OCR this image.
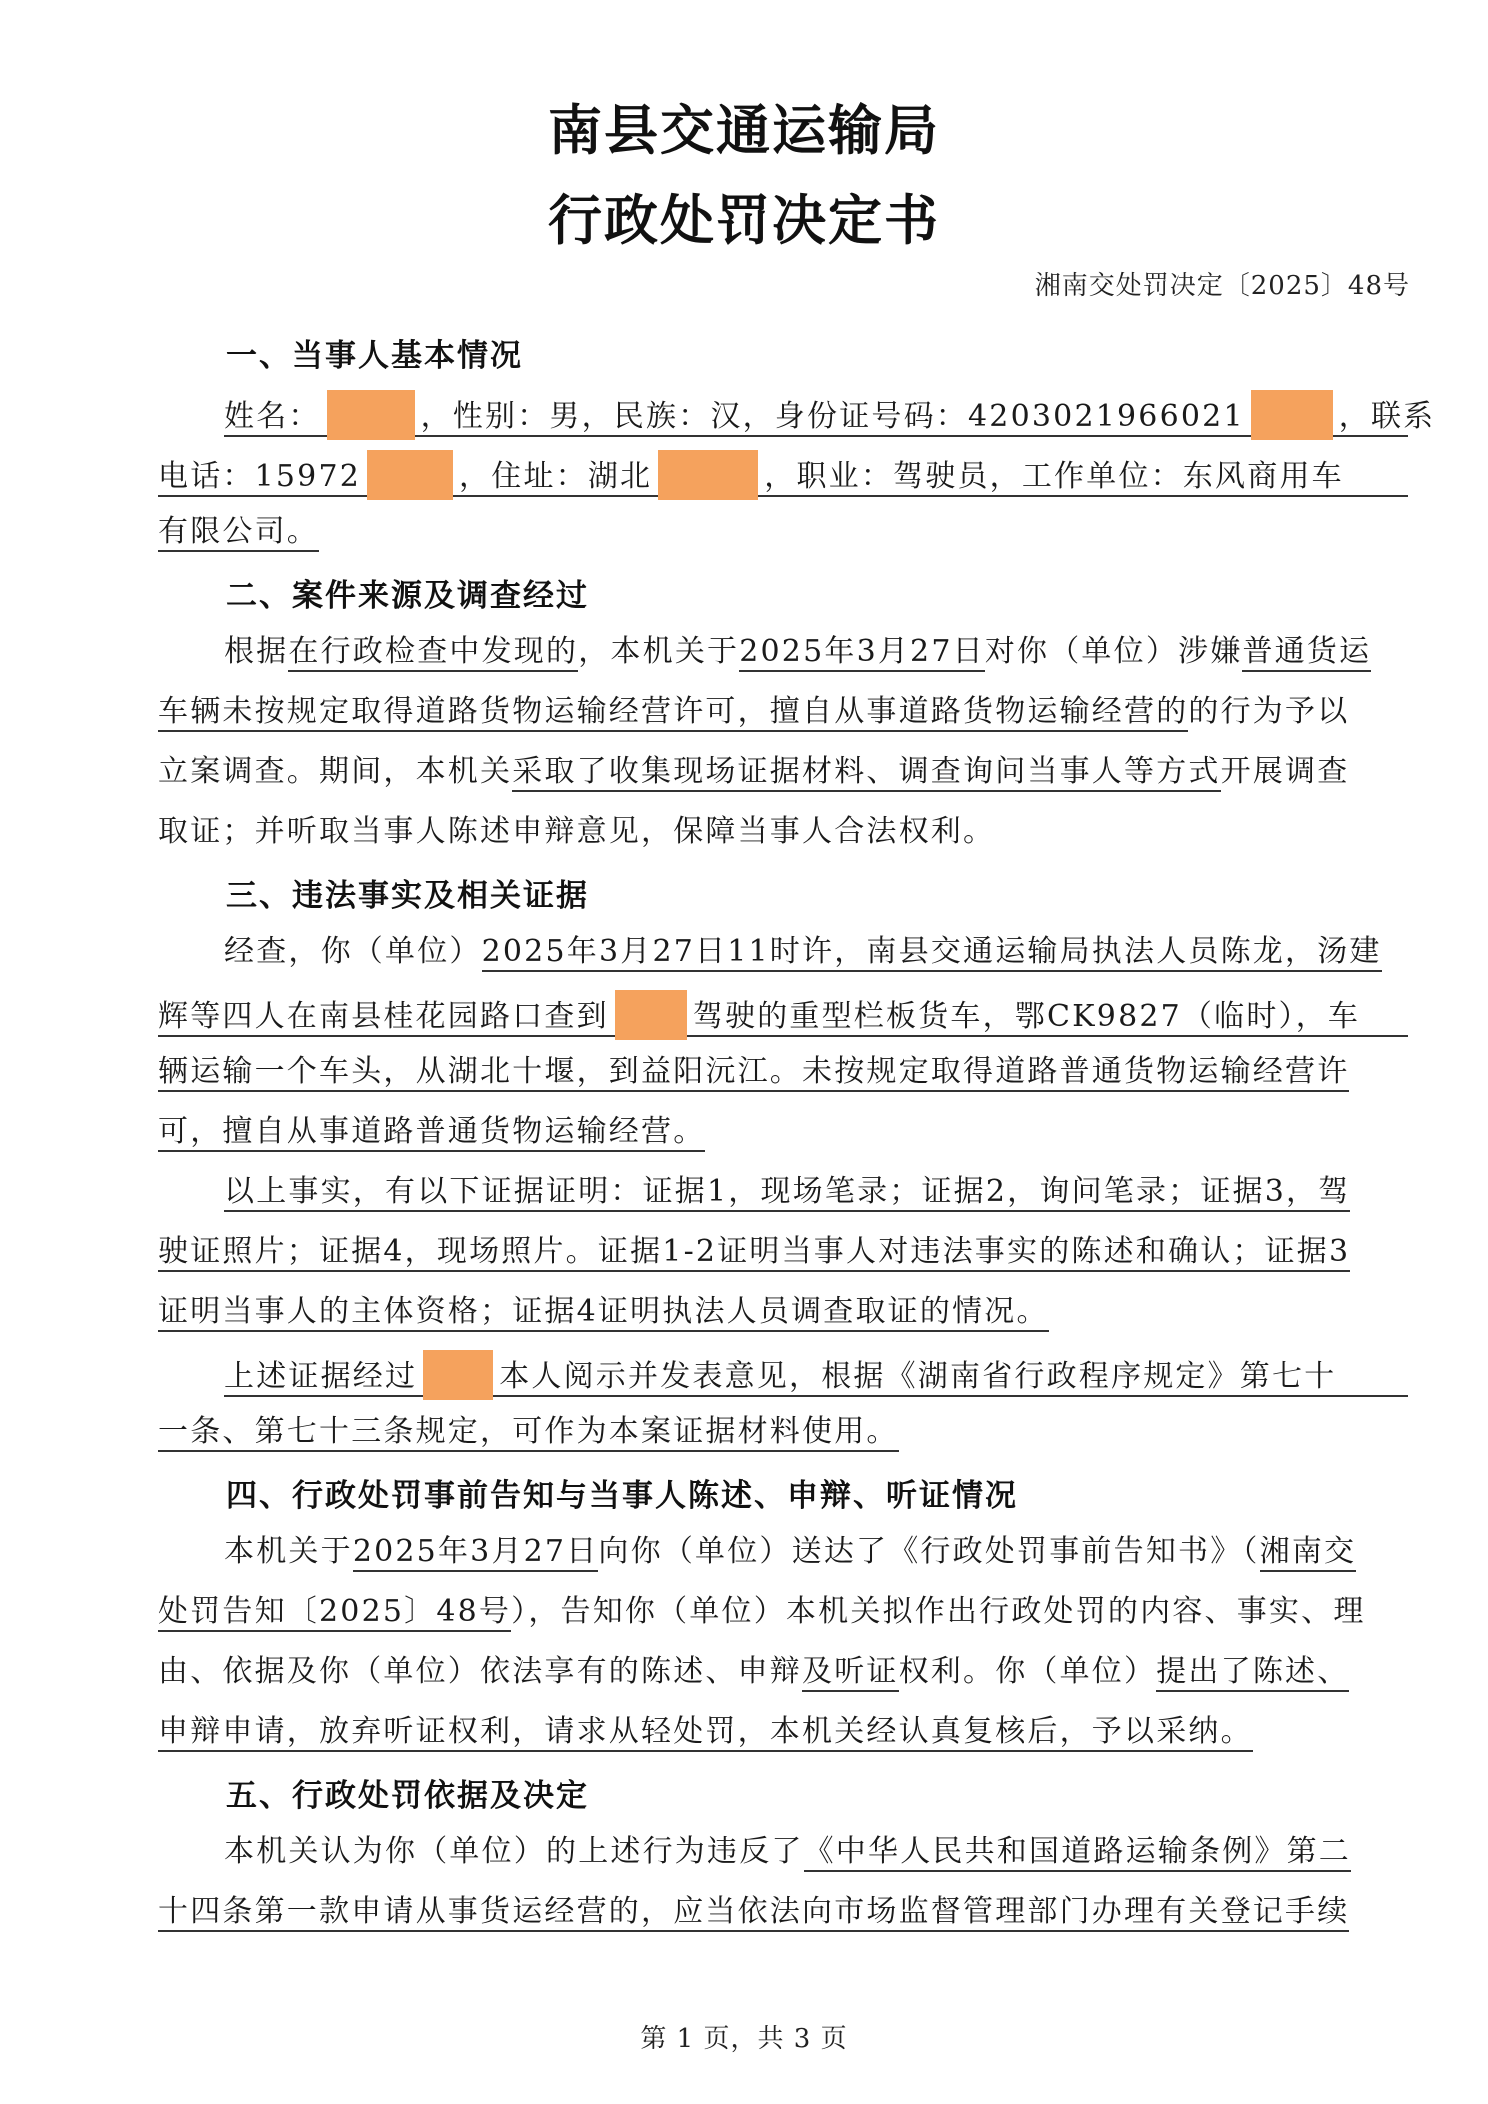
南县交通运输局
行政处罚决定书
湘南交处罚决定〔2025〕48号
一、当事人基本情况
姓名：	，性别：男，民族：汉，身份证号码：4203021966021	，联系
电话：15972	，住址：湖北	，职业：驾驶员，工作单位：东风商用车
有限公司。
二、案件来源及调查经过
根据在行政检查中发现的，本机关于2025年3月27日对你（单位）涉嫌普通货运
车辆未按规定取得道路货物运输经营许可，擅自从事道路货物运输经营的的行为予以
立案调查。期间，本机关采取了收集现场证据材料、调查询问当事人等方式开展调查
取证；并听取当事人陈述申辩意见，保障当事人合法权利。
三、违法事实及相关证据
经查，你（单位）2025年3月27日11时许，南县交通运输局执法人员陈龙，汤建
辉等四人在南县桂花园路口查到	驾驶的重型栏板货车，鄂CK9827（临时），车
辆运输一个车头，从湖北十堰，到益阳沅江。未按规定取得道路普通货物运输经营许
可，擅自从事道路普通货物运输经营。
以上事实，有以下证据证明：证据1，现场笔录；证据2，询问笔录；证据3，驾
驶证照片；证据4，现场照片。证据1-2证明当事人对违法事实的陈述和确认；证据3
证明当事人的主体资格；证据4证明执法人员调查取证的情况。
上述证据经过	本人阅示并发表意见，根据《湖南省行政程序规定》第七十
一条、第七十三条规定，可作为本案证据材料使用。
四、行政处罚事前告知与当事人陈述、申辩、听证情况
本机关于2025年3月27日向你（单位）送达了《行政处罚事前告知书》（湘南交
处罚告知〔2025〕48号），告知你（单位）本机关拟作出行政处罚的内容、事实、理
由、依据及你（单位）依法享有的陈述、申辩及听证权利。你（单位）提出了陈述、
申辩申请，放弃听证权利，请求从轻处罚，本机关经认真复核后，予以采纳。
五、行政处罚依据及决定
本机关认为你（单位）的上述行为违反了《中华人民共和国道路运输条例》第二
十四条第一款申请从事货运经营的，应当依法向市场监督管理部门办理有关登记手续
第 1 页，共 3 页
